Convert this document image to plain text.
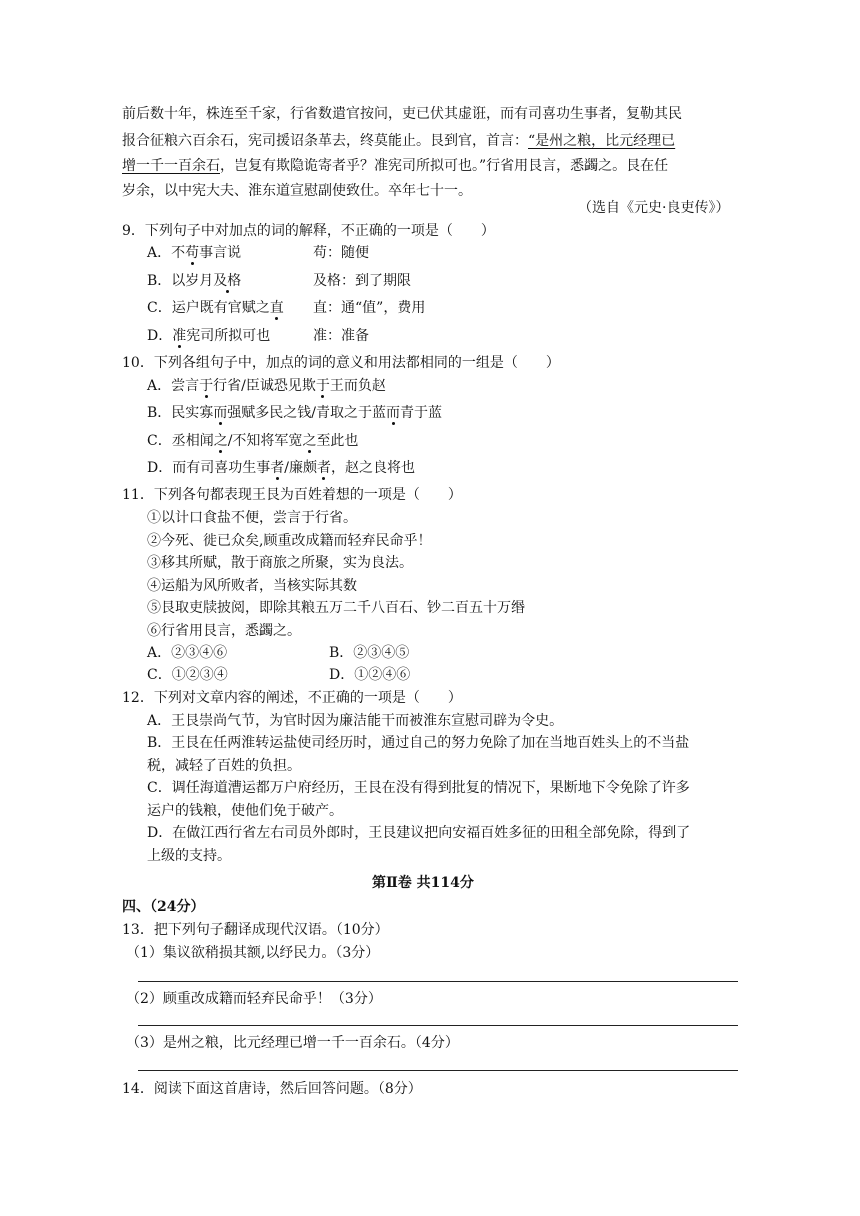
前后数十年，株连至千家，行省数遣官按问，吏已伏其虚诳，而有司喜功生事者，复勒其民
报合征粮六百余石，宪司援诏条革去，终莫能止。艮到官，首言：“是州之粮，比元经理已
增一千一百余石，岂复有欺隐诡寄者乎？准宪司所拟可也。”行省用艮言，悉蠲之。艮在任
岁余，以中宪大夫、淮东道宣慰副使致仕。卒年七十一。
（选自《元史·良吏传》）
9．下列句子中对加点的词的解释，不正确的一项是（　　）
A．不苟事言说	苟：随便
B．以岁月及格	及格：到了期限
C．运户既有官赋之直 直：通“值”，费用
D．准宪司所拟可也	准：准备
10．下列各组句子中，加点的词的意义和用法都相同的一组是（　　）
A．尝言于行省/臣诚恐见欺于王而负赵
B．民实寡而强赋多民之钱/青取之于蓝而青于蓝
C．丞相闻之/不知将军宽之至此也
D．而有司喜功生事者/廉颇者，赵之良将也
11．下列各句都表现王艮为百姓着想的一项是（　　）
①以计口食盐不便，尝言于行省。
②今死、徙已众矣,顾重改成籍而轻弃民命乎！
③移其所赋，散于商旅之所聚，实为良法。
④运船为风所败者，当核实际其数
⑤艮取吏牍披阅，即除其粮五万二千八百石、钞二百五十万缗
⑥行省用艮言，悉蠲之。
A．②③④⑥	B．②③④⑤
C．①②③④	D．①②④⑥
12．下列对文章内容的阐述，不正确的一项是（　　）
A．王艮崇尚气节，为官时因为廉洁能干而被淮东宣慰司辟为令史。
B．王艮在任两淮转运盐使司经历时，通过自己的努力免除了加在当地百姓头上的不当盐
税，减轻了百姓的负担。
C．调任海道漕运都万户府经历，王艮在没有得到批复的情况下，果断地下令免除了许多
运户的钱粮，使他们免于破产。
D．在做江西行省左右司员外郎时，王艮建议把向安福百姓多征的田租全部免除，得到了
上级的支持。
第Ⅱ卷 共114分
四、（24分）
13．把下列句子翻译成现代汉语。（10分）
（1）集议欲稍损其额,以纾民力。（3分）
（2）顾重改成籍而轻弃民命乎！（3分）
（3）是州之粮，比元经理已增一千一百余石。（4分）
14．阅读下面这首唐诗，然后回答问题。（8分）
